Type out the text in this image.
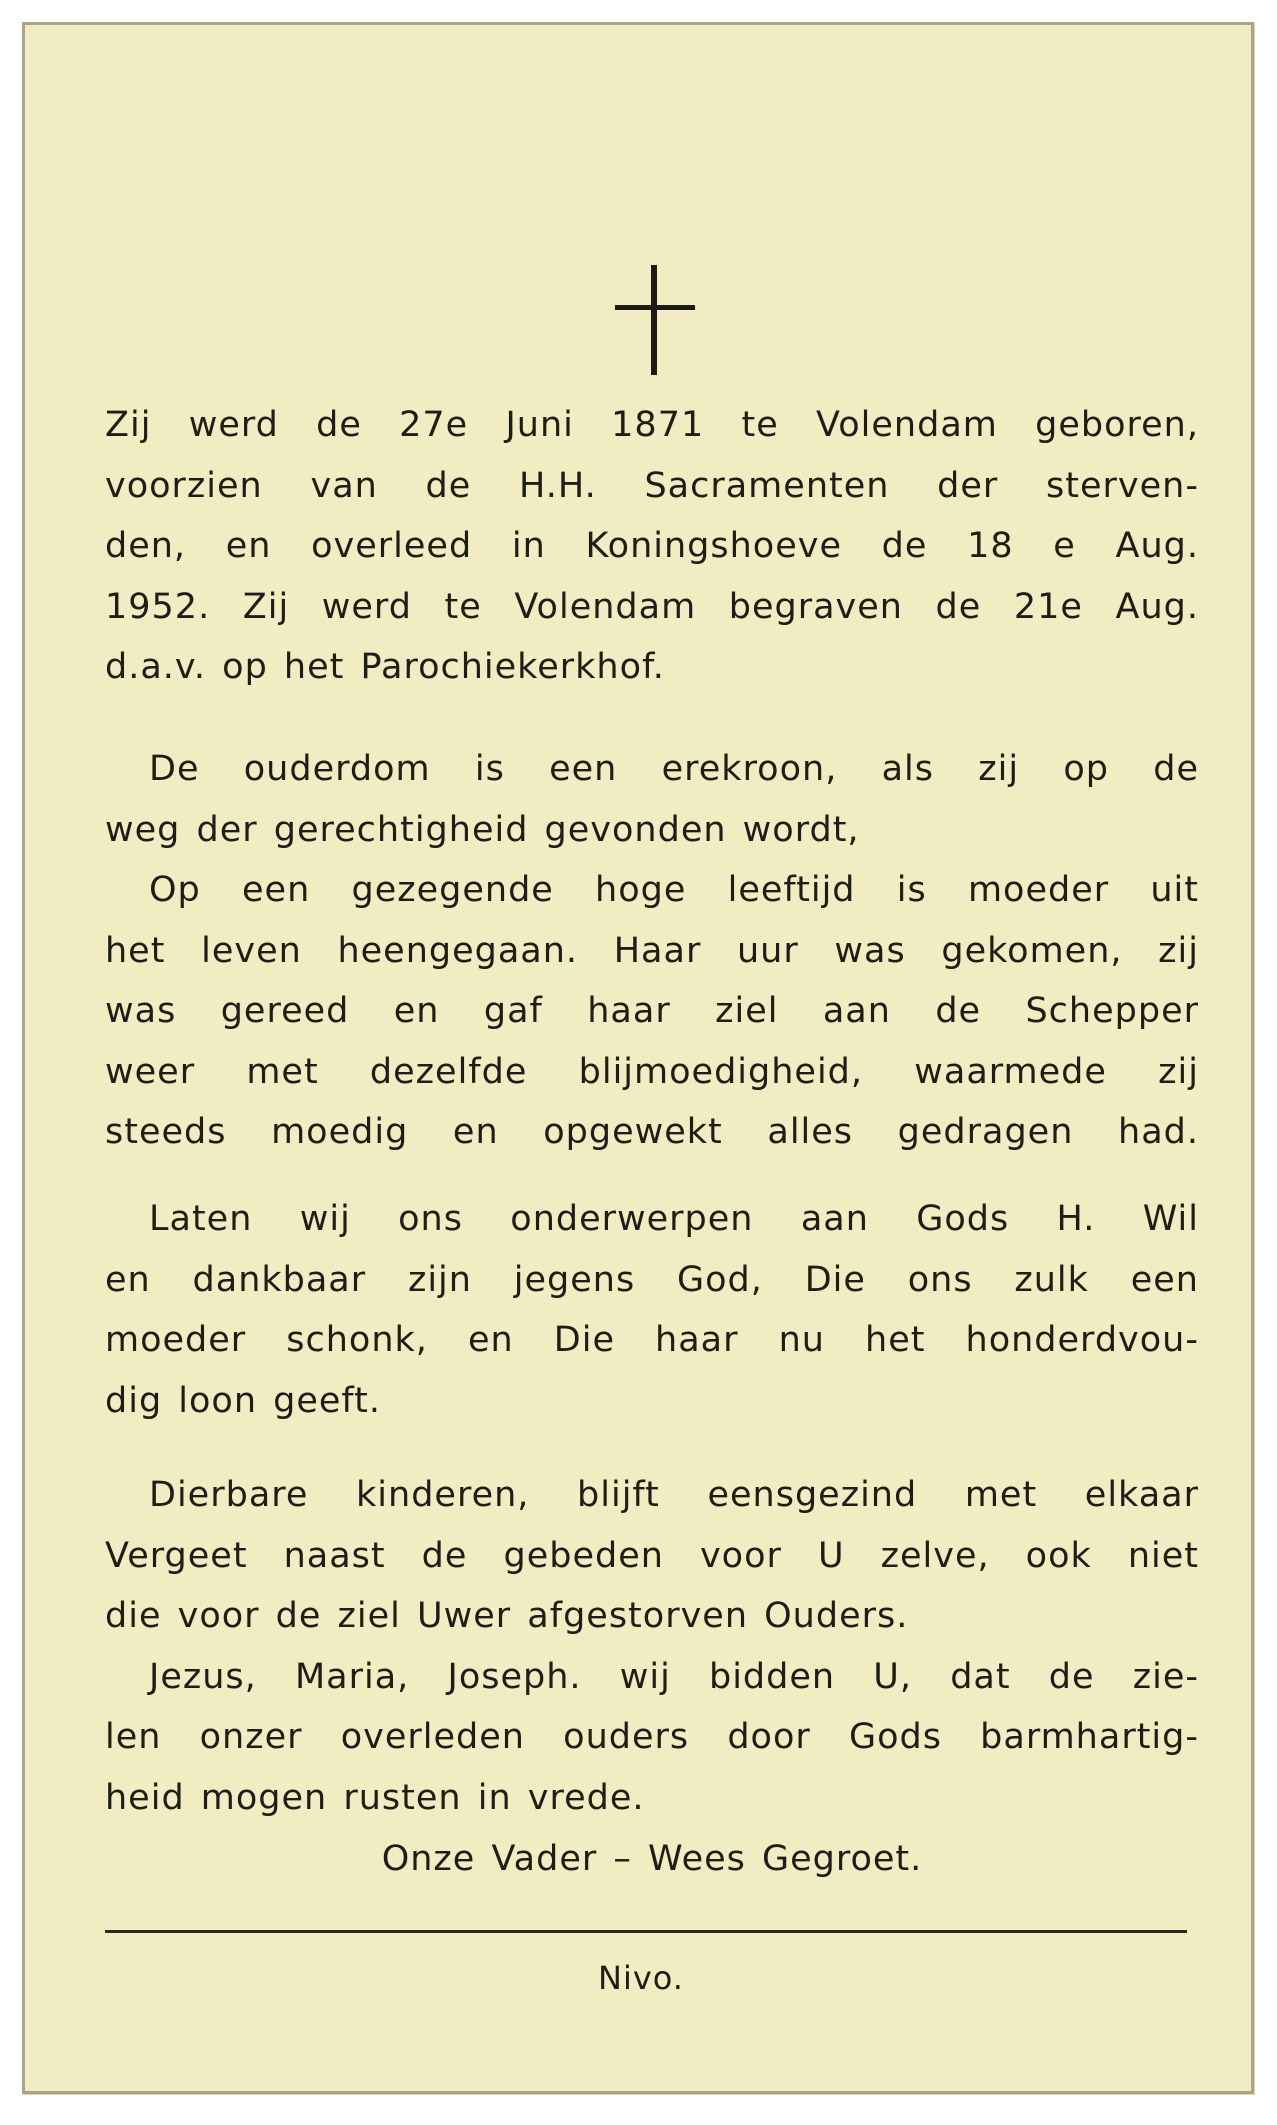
Zij werd de 27e Juni 1871 te Volendam geboren,
voorzien van de H.H. Sacramenten der sterven-
den, en overleed in Koningshoeve de 18 e Aug.
1952. Zij werd te Volendam begraven de 21e Aug.
d.a.v. op het Parochiekerkhof.
De ouderdom is een erekroon, als zij op de
weg der gerechtigheid gevonden wordt,
Op een gezegende hoge leeftijd is moeder uit
het leven heengegaan. Haar uur was gekomen, zij
was gereed en gaf haar ziel aan de Schepper
weer met dezelfde blijmoedigheid, waarmede zij
steeds moedig en opgewekt alles gedragen had.
Laten wij ons onderwerpen aan Gods H. Wil
en dankbaar zijn jegens God, Die ons zulk een
moeder schonk, en Die haar nu het honderdvou-
dig loon geeft.
Dierbare kinderen, blijft eensgezind met elkaar
Vergeet naast de gebeden voor U zelve, ook niet
die voor de ziel Uwer afgestorven Ouders.
Jezus, Maria, Joseph. wij bidden U, dat de zie-
len onzer overleden ouders door Gods barmhartig-
heid mogen rusten in vrede.
Onze Vader – Wees Gegroet.
Nivo.
